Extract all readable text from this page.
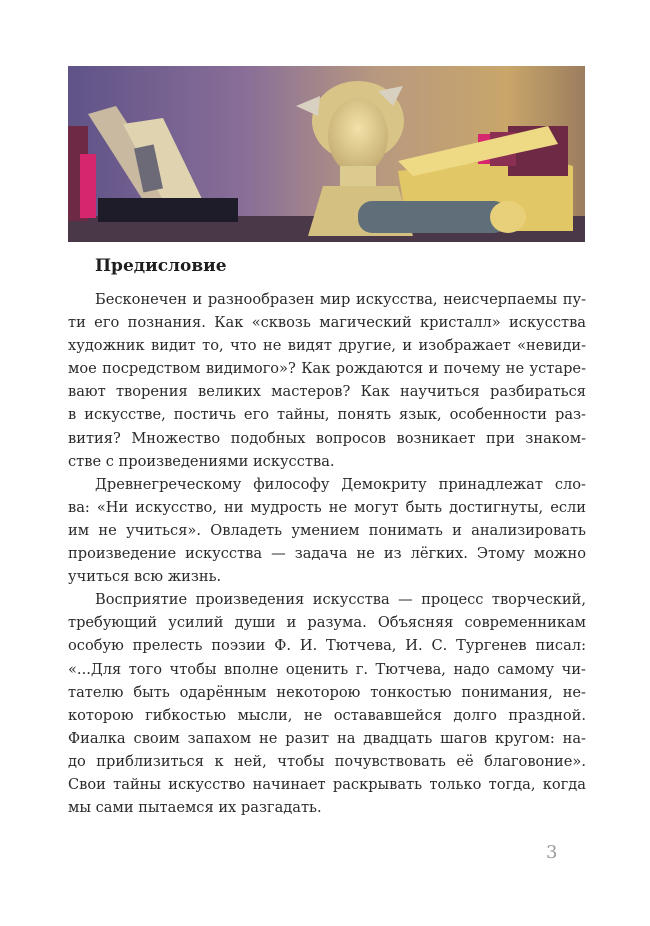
Предисловие
Бесконечен и разнообразен мир искусства, неисчерпаемы пу-
ти его познания. Как «сквозь магический кристалл» искусства
художник видит то, что не видят другие, и изображает «невиди-
мое посредством видимого»? Как рождаются и почему не устаре-
вают творения великих мастеров? Как научиться разбираться
в искусстве, постичь его тайны, понять язык, особенности раз-
вития? Множество подобных вопросов возникает при знаком-
стве с произведениями искусства.
Древнегреческому философу Демокриту принадлежат сло-
ва: «Ни искусство, ни мудрость не могут быть достигнуты, если
им не учиться». Овладеть умением понимать и анализировать
произведение искусства — задача не из лёгких. Этому можно
учиться всю жизнь.
Восприятие произведения искусства — процесс творческий,
требующий усилий души и разума. Объясняя современникам
особую прелесть поэзии Ф. И. Тютчева, И. С. Тургенев писал:
«...Для того чтобы вполне оценить г. Тютчева, надо самому чи-
тателю быть одарённым некоторою тонкостью понимания, не-
которою гибкостью мысли, не остававшейся долго праздной.
Фиалка своим запахом не разит на двадцать шагов кругом: на-
до приблизиться к ней, чтобы почувствовать её благовоние».
Свои тайны искусство начинает раскрывать только тогда, когда
мы сами пытаемся их разгадать.
3
